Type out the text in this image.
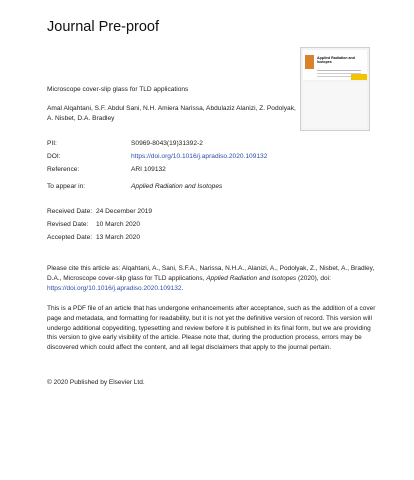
Journal Pre-proof
Applied Radiation and Isotopes
Microscope cover-slip glass for TLD applications
Amal Alqahtani, S.F. Abdul Sani, N.H. Amiera Narissa, Abdulaziz Alanizi, Z. Podolyak, A. Nisbet, D.A. Bradley
PII:	S0969-8043(19)31392-2
DOI:	https://doi.org/10.1016/j.apradiso.2020.109132
Reference:	ARI 109132
To appear in:	Applied Radiation and Isotopes
Received Date: 24 December 2019
Revised Date: 10 March 2020
Accepted Date: 13 March 2020
Please cite this article as: Alqahtani, A., Sani, S.F.A., Narissa, N.H.A., Alanizi, A., Podolyak, Z., Nisbet, A., Bradley, D.A., Microscope cover-slip glass for TLD applications, Applied Radiation and Isotopes (2020), doi: https://doi.org/10.1016/j.apradiso.2020.109132.
This is a PDF file of an article that has undergone enhancements after acceptance, such as the addition of a cover page and metadata, and formatting for readability, but it is not yet the definitive version of record. This version will undergo additional copyediting, typesetting and review before it is published in its final form, but we are providing this version to give early visibility of the article. Please note that, during the production process, errors may be discovered which could affect the content, and all legal disclaimers that apply to the journal pertain.
© 2020 Published by Elsevier Ltd.
